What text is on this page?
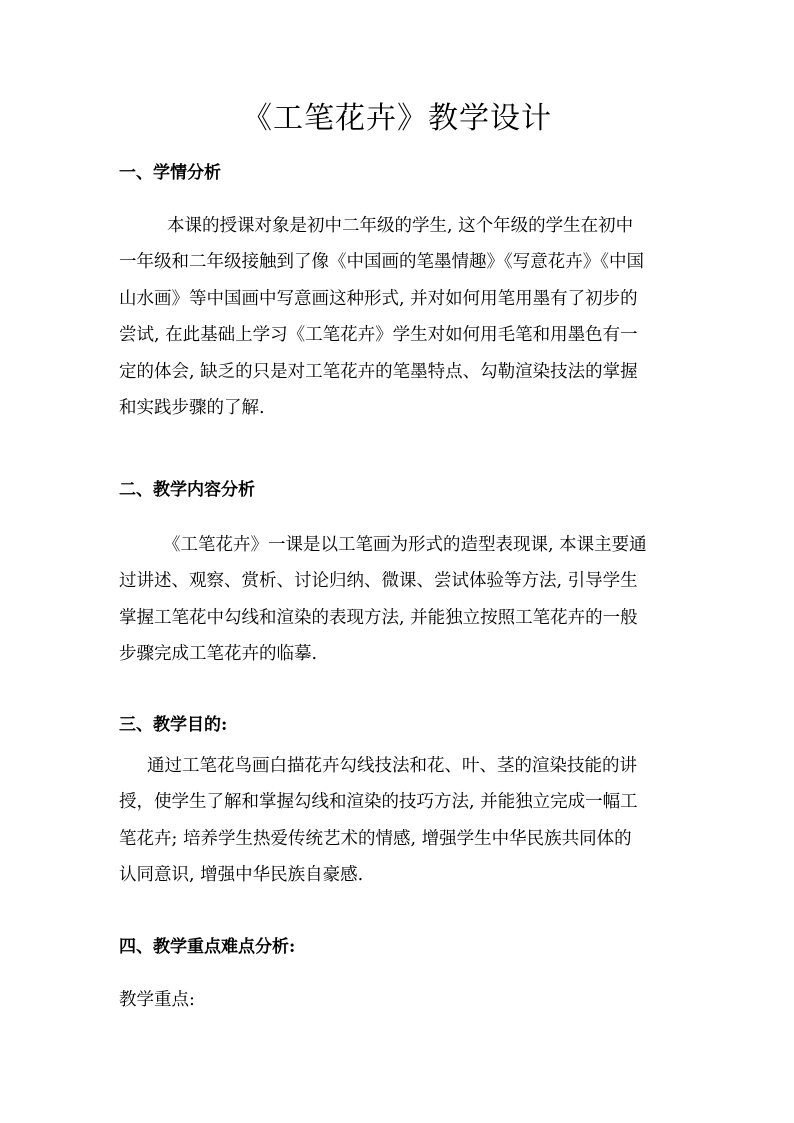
《工笔花卉》教学设计
一、学情分析
本课的授课对象是初中二年级的学生, 这个年级的学生在初中
一年级和二年级接触到了像《中国画的笔墨情趣》《写意花卉》《中国
山水画》等中国画中写意画这种形式, 并对如何用笔用墨有了初步的
尝试, 在此基础上学习《工笔花卉》学生对如何用毛笔和用墨色有一
定的体会, 缺乏的只是对工笔花卉的笔墨特点、勾勒渲染技法的掌握
和实践步骤的了解.
二、教学内容分析
《工笔花卉》一课是以工笔画为形式的造型表现课, 本课主要通
过讲述、观察、赏析、讨论归纳、微课、尝试体验等方法, 引导学生
掌握工笔花中勾线和渲染的表现方法, 并能独立按照工笔花卉的一般
步骤完成工笔花卉的临摹.
三、教学目的:
通过工笔花鸟画白描花卉勾线技法和花、叶、茎的渲染技能的讲
授，使学生了解和掌握勾线和渲染的技巧方法, 并能独立完成一幅工
笔花卉; 培养学生热爱传统艺术的情感, 增强学生中华民族共同体的
认同意识, 增强中华民族自豪感.
四、教学重点难点分析:
教学重点:
